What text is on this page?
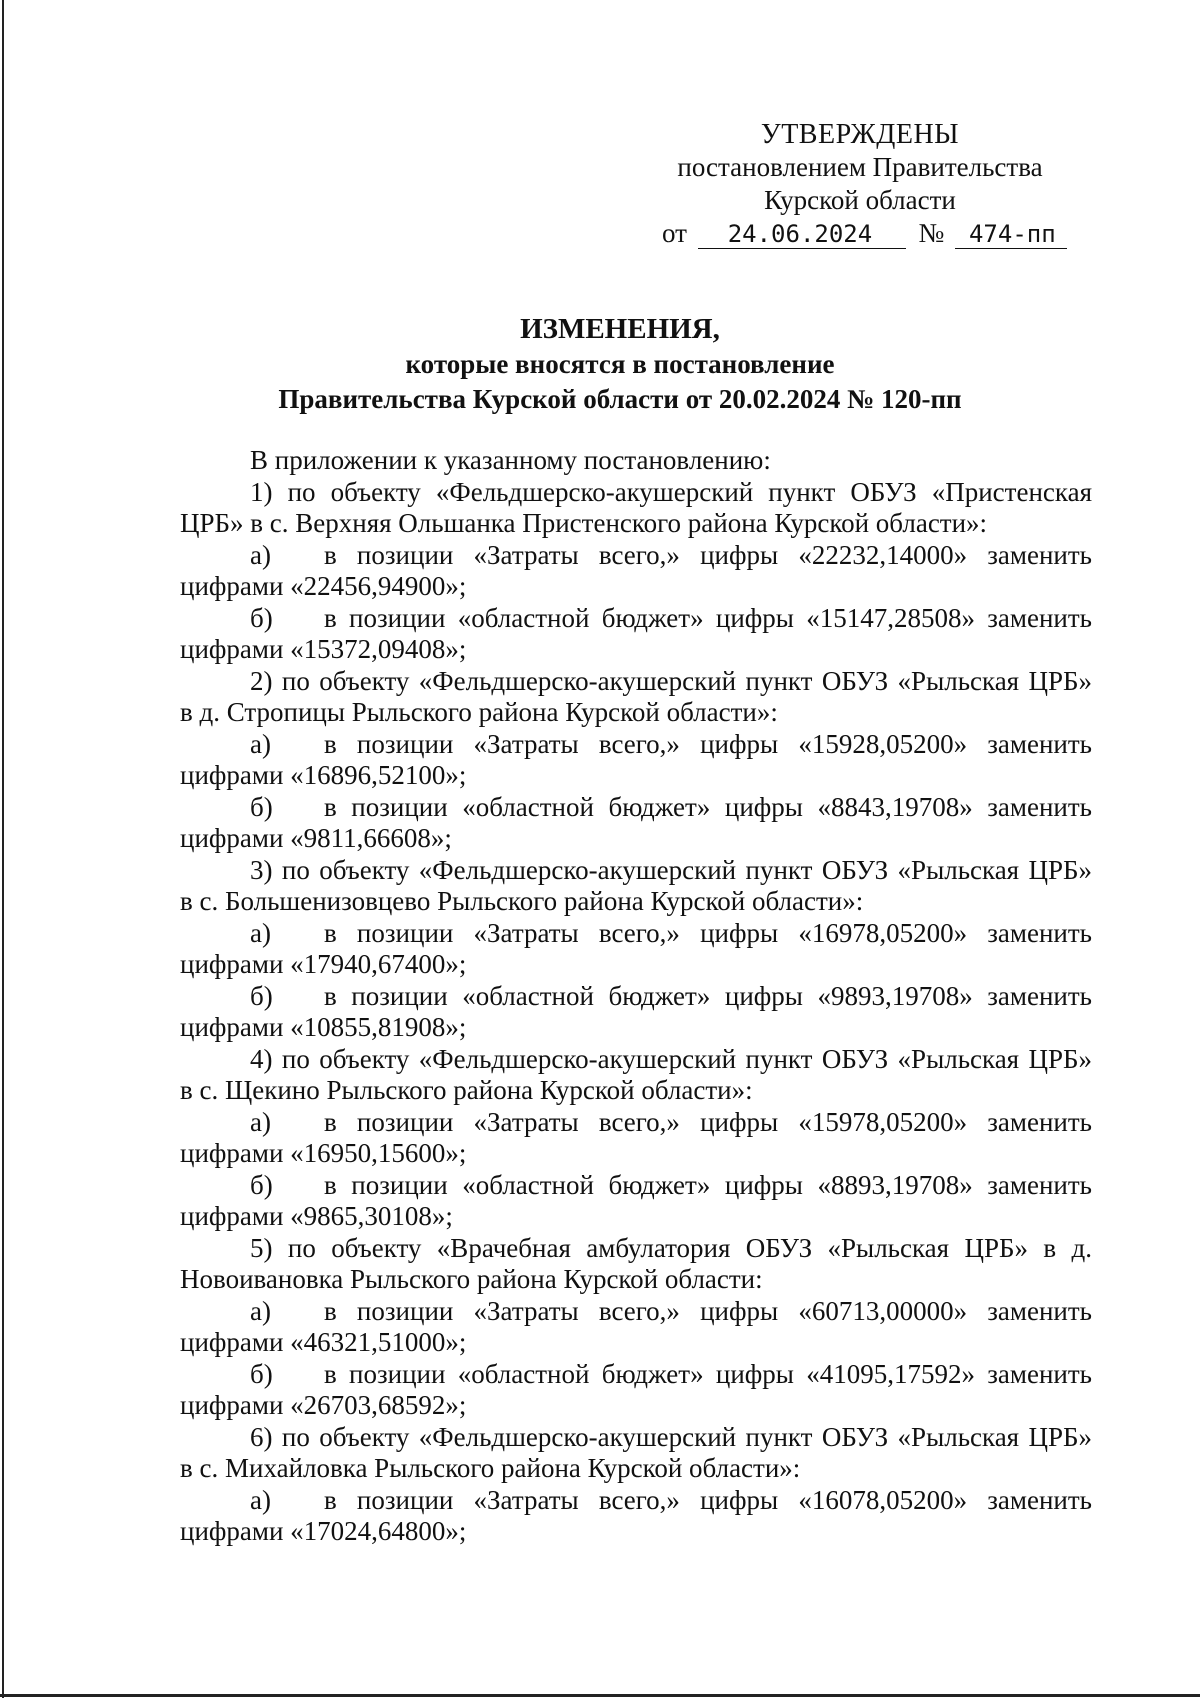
УТВЕРЖДЕНЫ
постановлением Правительства
Курской области
от 24.06.2024 № 474-пп
ИЗМЕНЕНИЯ,
которые вносятся в постановление
Правительства Курской области от 20.02.2024 № 120-пп

В приложении к указанному постановлению:

1) по объекту «Фельдшерско-акушерский пункт ОБУЗ «Пристенская ЦРБ» в с. Верхняя Ольшанка Пристенского района Курской области»:

а) в позиции «Затраты всего,» цифры «22232,14000» заменить цифрами «22456,94900»;

б) в позиции «областной бюджет» цифры «15147,28508» заменить цифрами «15372,09408»;

2) по объекту «Фельдшерско-акушерский пункт ОБУЗ «Рыльская ЦРБ» в д. Стропицы Рыльского района Курской области»:

а) в позиции «Затраты всего,» цифры «15928,05200» заменить цифрами «16896,52100»;

б) в позиции «областной бюджет» цифры «8843,19708» заменить цифрами «9811,66608»;

3) по объекту «Фельдшерско-акушерский пункт ОБУЗ «Рыльская ЦРБ» в с. Большенизовцево Рыльского района Курской области»:

а) в позиции «Затраты всего,» цифры «16978,05200» заменить цифрами «17940,67400»;

б) в позиции «областной бюджет» цифры «9893,19708» заменить цифрами «10855,81908»;

4) по объекту «Фельдшерско-акушерский пункт ОБУЗ «Рыльская ЦРБ» в с. Щекино Рыльского района Курской области»:

а) в позиции «Затраты всего,» цифры «15978,05200» заменить цифрами «16950,15600»;

б) в позиции «областной бюджет» цифры «8893,19708» заменить цифрами «9865,30108»;

5) по объекту «Врачебная амбулатория ОБУЗ «Рыльская ЦРБ» в д. Новоивановка Рыльского района Курской области:

а) в позиции «Затраты всего,» цифры «60713,00000» заменить цифрами «46321,51000»;

б) в позиции «областной бюджет» цифры «41095,17592» заменить цифрами «26703,68592»;

6) по объекту «Фельдшерско-акушерский пункт ОБУЗ «Рыльская ЦРБ» в с. Михайловка Рыльского района Курской области»:

а) в позиции «Затраты всего,» цифры «16078,05200» заменить цифрами «17024,64800»;
